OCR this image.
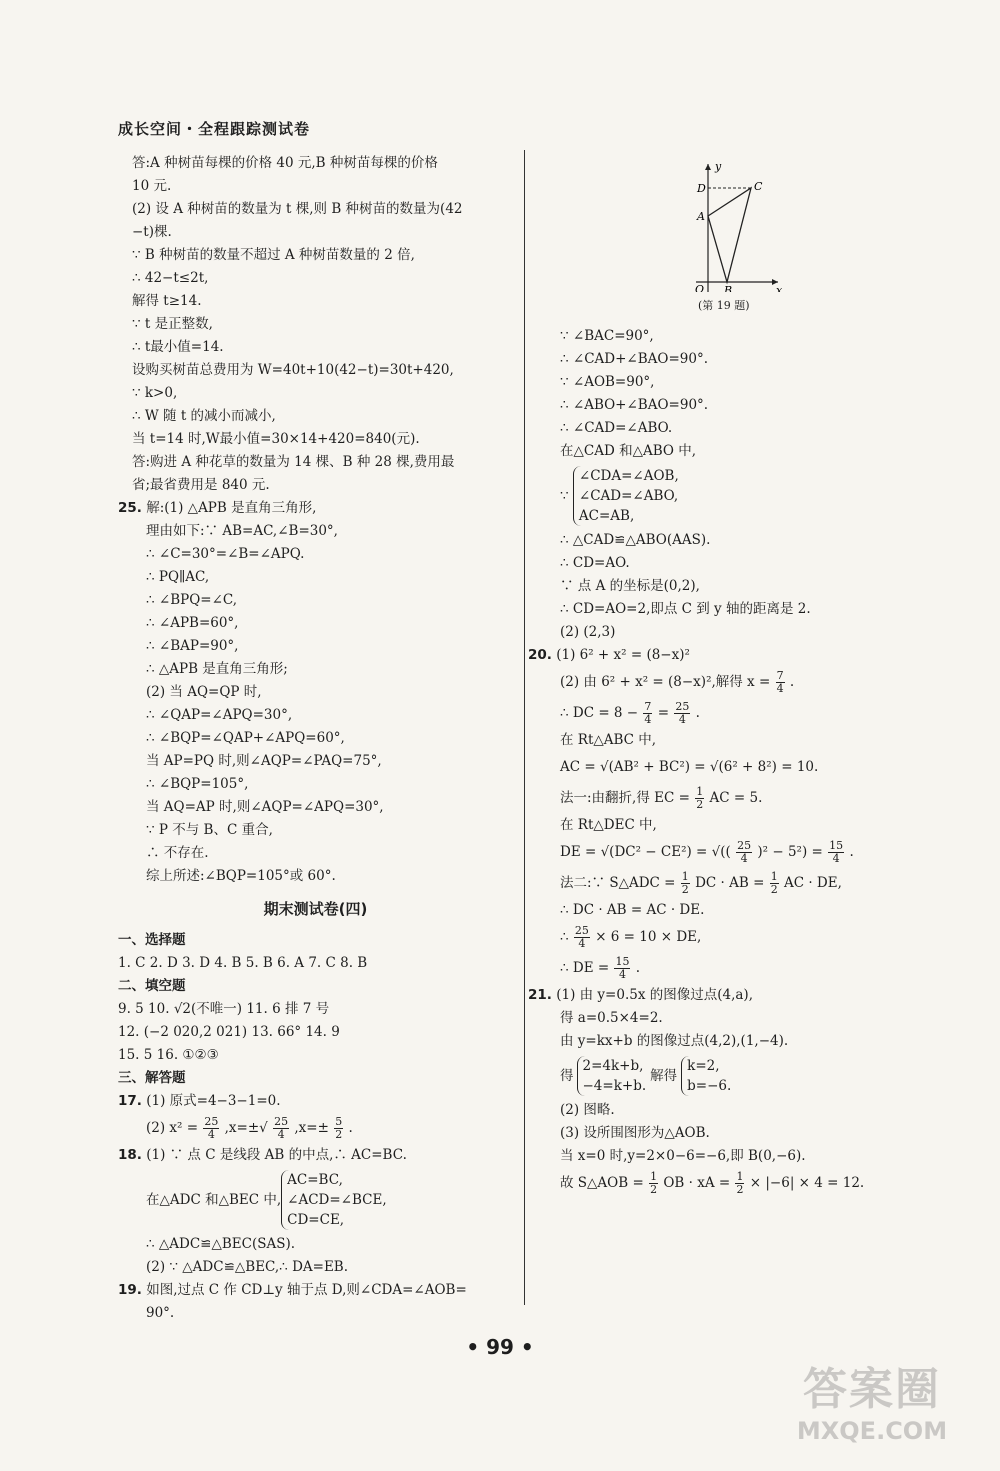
成长空间・全程跟踪测试卷
答:A 种树苗每棵的价格 40 元,B 种树苗每棵的价格
10 元.
(2) 设 A 种树苗的数量为 t 棵,则 B 种树苗的数量为(42
−t)棵.
∵ B 种树苗的数量不超过 A 种树苗数量的 2 倍,
∴ 42−t≤2t,
解得 t≥14.
∵ t 是正整数,
∴ t最小值=14.
设购买树苗总费用为 W=40t+10(42−t)=30t+420,
∵ k>0,
∴ W 随 t 的减小而减小,
当 t=14 时,W最小值=30×14+420=840(元).
答:购进 A 种花草的数量为 14 棵、B 种 28 棵,费用最
省;最省费用是 840 元.
25. 解:(1) △APB 是直角三角形,
理由如下:∵ AB=AC,∠B=30°,
∴ ∠C=30°=∠B=∠APQ.
∴ PQ∥AC,
∴ ∠BPQ=∠C,
∴ ∠APB=60°,
∴ ∠BAP=90°,
∴ △APB 是直角三角形;
(2) 当 AQ=QP 时,
∴ ∠QAP=∠APQ=30°,
∴ ∠BQP=∠QAP+∠APQ=60°,
当 AP=PQ 时,则∠AQP=∠PAQ=75°,
∴ ∠BQP=105°,
当 AQ=AP 时,则∠AQP=∠APQ=30°,
∵ P 不与 B、C 重合,
∴ 不存在.
综上所述:∠BQP=105°或 60°.
期末测试卷(四)
一、选择题
1. C 2. D 3. D 4. B 5. B 6. A 7. C 8. B
二、填空题
9. 5 10. √2(不唯一) 11. 6 排 7 号
12. (−2 020,2 021) 13. 66° 14. 9
15. 5 16. ①②③
三、解答题
17. (1) 原式=4−3−1=0.
(2) $x^2 = \frac{25}{4} ,x=\pm√ \frac{25}{4} ,x=\pm \frac{5}{2}$ .
18. (1) ∵ 点 C 是线段 AB 的中点,∴ AC=BC.
在△ADC 和△BEC 中,
AC=BC,
∠ACD=∠BCE,
CD=CE,
∴ △ADC≌△BEC(SAS).
(2) ∵ △ADC≌△BEC,∴ DA=EB.
19. 如图,过点 C 作 CD⊥y 轴于点 D,则∠CDA=∠AOB=
90°.
y
x
D	C
A
O B
(第 19 题)
∵ ∠BAC=90°,
∴ ∠CAD+∠BAO=90°.
∵ ∠AOB=90°,
∴ ∠ABO+∠BAO=90°.
∴ ∠CAD=∠ABO.
在△CAD 和△ABO 中,
∵
∠CDA=∠AOB,
∠CAD=∠ABO,
AC=AB,
∴ △CAD≌△ABO(AAS).
∴ CD=AO.
∵ 点 A 的坐标是(0,2),
∴ CD=AO=2,即点 C 到 y 轴的距离是 2.
(2) (2,3)
20. (1) 6² + x² = (8−x)²
(2) 由 6² + x² = (8−x)²,解得 $x = \frac{7}{4}$ .
∴ DC = $8 - \frac{7}{4} = \frac{25}{4}$ .
在 Rt△ABC 中,
AC = √(AB² + BC²) = √(6² + 8²) = 10.
法一:由翻折,得 EC = $\frac{1}{2}$ AC = 5.
在 Rt△DEC 中,
DE = √(DC² − CE²) = √(( $\frac{25}{4} )^2 - 5^2) = \frac{15}{4}$ .
法二:∵ S△ADC = $\frac{1}{2}$ DC · AB = $\frac{1}{2}$ AC · DE,
∴ DC · AB = AC · DE.
∴ $\frac{25}{4} \times 6 = 10$ × DE,
∴ DE = $\frac{15}{4}$ .
21. (1) 由 y=0.5x 的图像过点(4,a),
得 a=0.5×4=2.
由 y=kx+b 的图像过点(4,2),(1,−4).
得
2=4k+b,
−4=k+b.
解得
k=2,
b=−6.
(2) 图略.
(3) 设所围图形为△AOB.
当 x=0 时,y=2×0−6=−6,即 B(0,−6).
故 S△AOB = $\frac{1}{2}$ OB · xA = $\frac{1}{2} \times |-6| \times 4 = 12$.
• 99 •
答案圈
MXQE.COM
